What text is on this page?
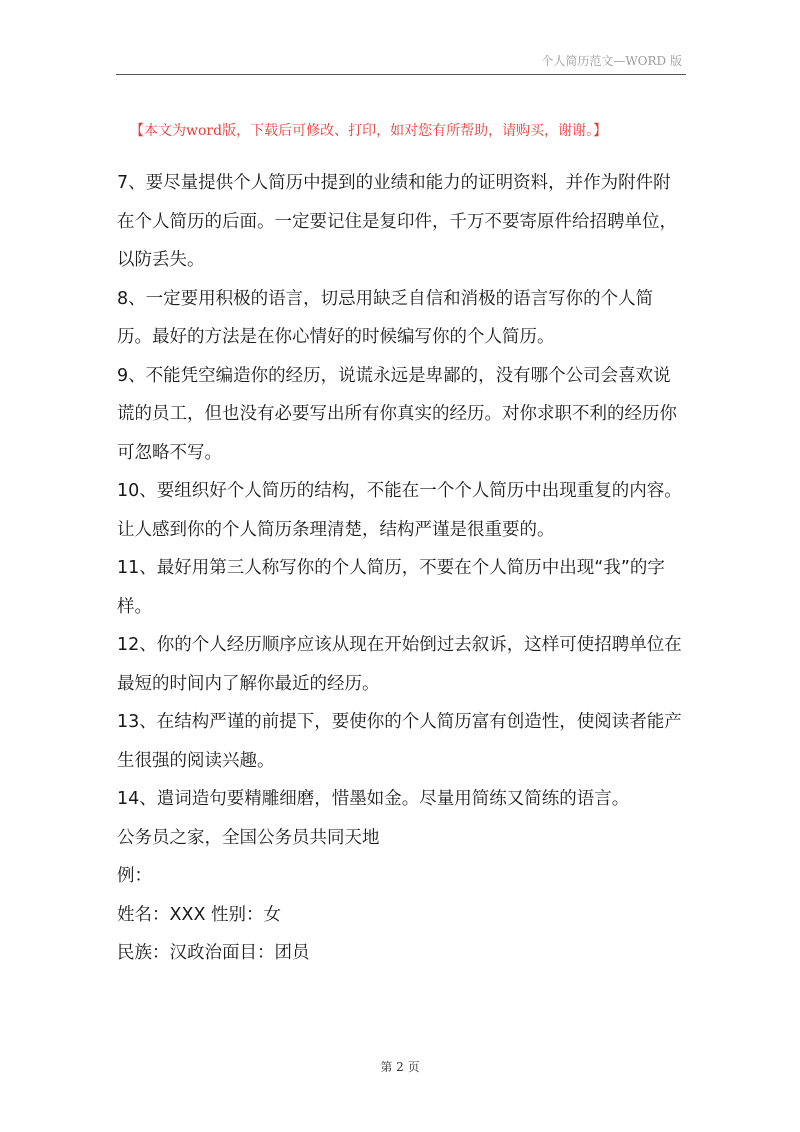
个人简历范文—WORD 版
【本文为word版，下载后可修改、打印，如对您有所帮助，请购买，谢谢。】
7、要尽量提供个人简历中提到的业绩和能力的证明资料，并作为附件附在个人简历的后面。一定要记住是复印件，千万不要寄原件给招聘单位，以防丢失。
8、一定要用积极的语言，切忌用缺乏自信和消极的语言写你的个人简历。最好的方法是在你心情好的时候编写你的个人简历。
9、不能凭空编造你的经历，说谎永远是卑鄙的，没有哪个公司会喜欢说谎的员工，但也没有必要写出所有你真实的经历。对你求职不利的经历你可忽略不写。
10、要组织好个人简历的结构，不能在一个个人简历中出现重复的内容。让人感到你的个人简历条理清楚，结构严谨是很重要的。
11、最好用第三人称写你的个人简历，不要在个人简历中出现“我”的字样。
12、你的个人经历顺序应该从现在开始倒过去叙诉，这样可使招聘单位在最短的时间内了解你最近的经历。
13、在结构严谨的前提下，要使你的个人简历富有创造性，使阅读者能产生很强的阅读兴趣。
14、遣词造句要精雕细磨，惜墨如金。尽量用简练又简练的语言。
公务员之家，全国公务员共同天地
例：
姓名：XXX 性别：女
民族：汉政治面目：团员
第 2 页
